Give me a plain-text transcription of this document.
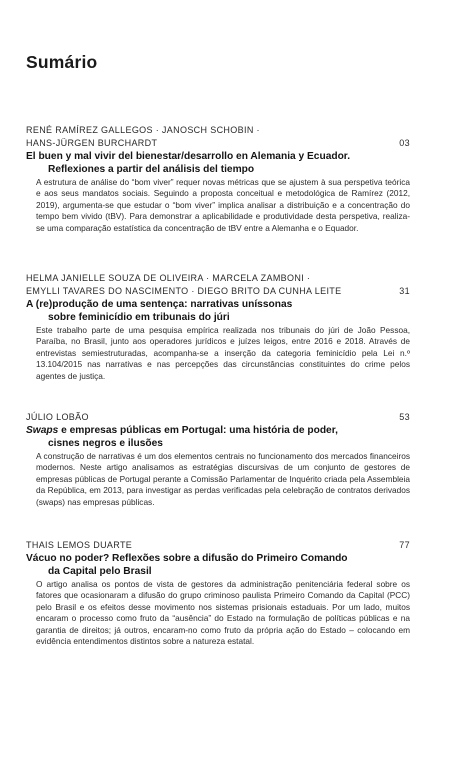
Sumário
RENÉ RAMÍREZ GALLEGOS · JANOSCH SCHOBIN ·
HANS-JÜRGEN BURCHARDT	03
El buen y mal vivir del bienestar/desarrollo en Alemania y Ecuador.
Reflexiones a partir del análisis del tiempo
A estrutura de análise do “bom viver” requer novas métricas que se ajustem à sua perspetiva teórica e aos seus mandatos sociais. Seguindo a proposta conceitual e metodológica de Ramírez (2012, 2019), argumenta-se que estudar o “bom viver” implica analisar a distribuição e a concentração do tempo bem vivido (tBV). Para demonstrar a aplicabilidade e produtividade desta perspetiva, realiza-se uma comparação estatística da concentração de tBV entre a Alemanha e o Equador.
HELMA JANIELLE SOUZA DE OLIVEIRA · MARCELA ZAMBONI ·
EMYLLI TAVARES DO NASCIMENTO · DIEGO BRITO DA CUNHA LEITE	31
A (re)produção de uma sentença: narrativas uníssonas
sobre feminicídio em tribunais do júri
Este trabalho parte de uma pesquisa empírica realizada nos tribunais do júri de João Pessoa, Paraíba, no Brasil, junto aos operadores jurídicos e juízes leigos, entre 2016 e 2018. Através de entrevistas semiestruturadas, acompanha-se a inserção da categoria feminicídio pela Lei n.º 13.104/2015 nas narrativas e nas percepções das circunstâncias constituintes do crime pelos agentes de justiça.
JÚLIO LOBÃO	53
Swaps e empresas públicas em Portugal: uma história de poder,
cisnes negros e ilusões
A construção de narrativas é um dos elementos centrais no funcionamento dos mercados financeiros modernos. Neste artigo analisamos as estratégias discursivas de um conjunto de gestores de empresas públicas de Portugal perante a Comissão Parlamentar de Inquérito criada pela Assembleia da República, em 2013, para investigar as perdas verificadas pela celebração de contratos derivados (swaps) nas empresas públicas.
THAIS LEMOS DUARTE	77
Vácuo no poder? Reflexões sobre a difusão do Primeiro Comando
da Capital pelo Brasil
O artigo analisa os pontos de vista de gestores da administração penitenciária federal sobre os fatores que ocasionaram a difusão do grupo criminoso paulista Primeiro Comando da Capital (PCC) pelo Brasil e os efeitos desse movimento nos sistemas prisionais estaduais. Por um lado, muitos encaram o processo como fruto da “ausência” do Estado na formulação de políticas públicas e na garantia de direitos; já outros, encaram-no como fruto da própria ação do Estado – colocando em evidência entendimentos distintos sobre a natureza estatal.
